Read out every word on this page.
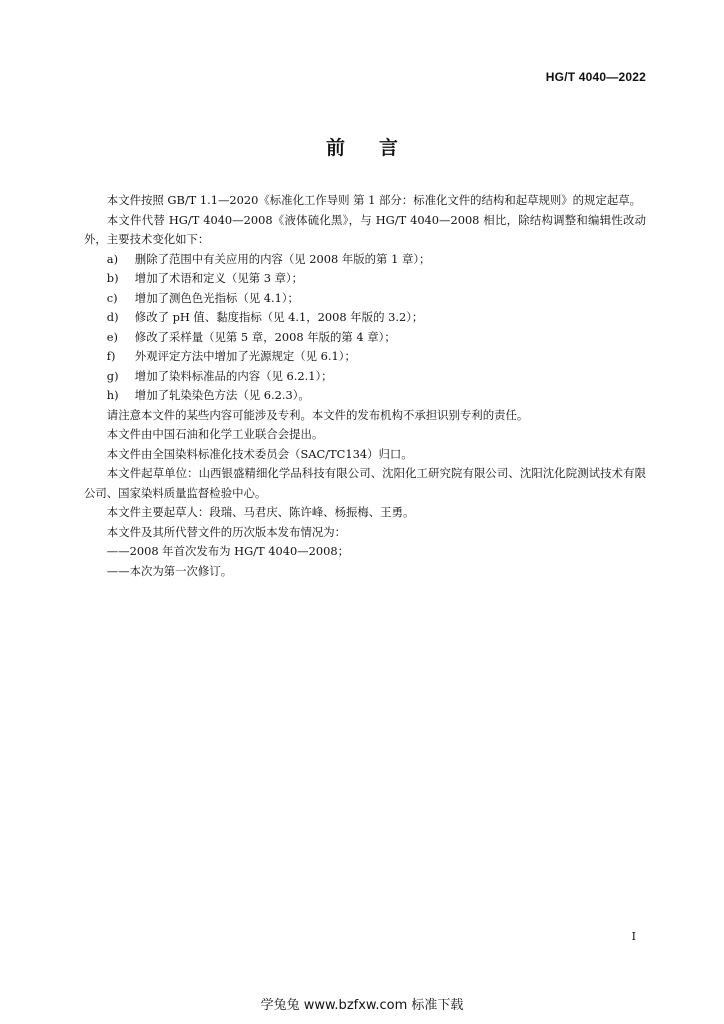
HG/T 4040—2022
前言

本文件按照 GB/T 1.1—2020《标准化工作导则 第 1 部分：标准化文件的结构和起草规则》的规定起草。

本文件代替 HG/T 4040—2008《液体硫化黑》，与 HG/T 4040—2008 相比，除结构调整和编辑性改动外，主要技术变化如下：

a)	删除了范围中有关应用的内容（见 2008 年版的第 1 章）；

b)	增加了术语和定义（见第 3 章）；

c)	增加了测色色光指标（见 4.1）；

d)	修改了 pH 值、黏度指标（见 4.1，2008 年版的 3.2）；

e)	修改了采样量（见第 5 章，2008 年版的第 4 章）；

f)	外观评定方法中增加了光源规定（见 6.1）；

g)	增加了染料标准品的内容（见 6.2.1）；

h)	增加了轧染染色方法（见 6.2.3）。

请注意本文件的某些内容可能涉及专利。本文件的发布机构不承担识别专利的责任。

本文件由中国石油和化学工业联合会提出。

本文件由全国染料标准化技术委员会（SAC/TC134）归口。

本文件起草单位：山西银盛精细化学品科技有限公司、沈阳化工研究院有限公司、沈阳沈化院测试技术有限公司、国家染料质量监督检验中心。

本文件主要起草人：段瑞、马君庆、陈许峰、杨振梅、王勇。

本文件及其所代替文件的历次版本发布情况为：

——2008 年首次发布为 HG/T 4040—2008；

——本次为第一次修订。

I
学兔兔 www.bzfxw.com 标准下载
